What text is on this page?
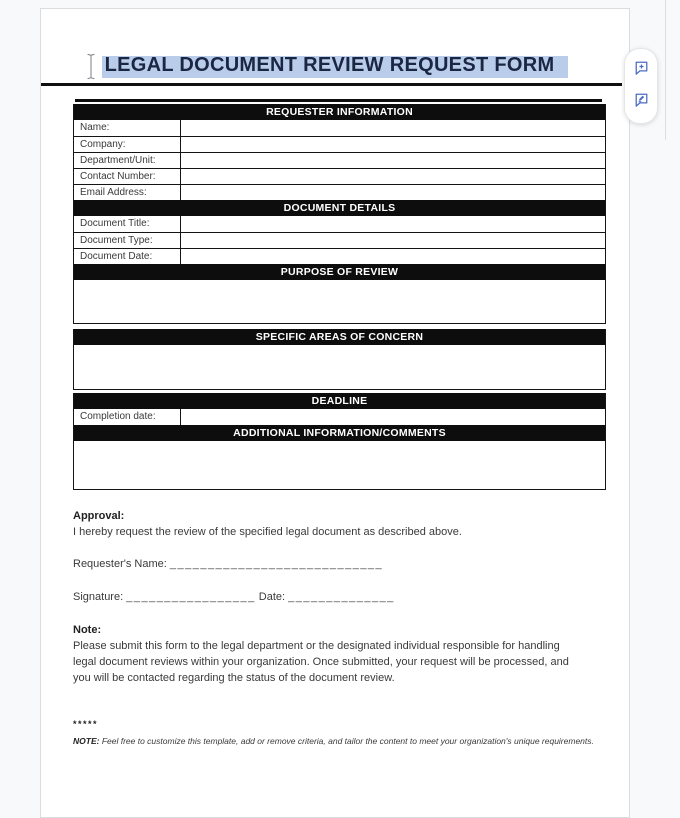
LEGAL DOCUMENT REVIEW REQUEST FORM
REQUESTER INFORMATION
Name:
Company:
Department/Unit:
Contact Number:
Email Address:
DOCUMENT DETAILS
Document Title:
Document Type:
Document Date:
PURPOSE OF REVIEW
SPECIFIC AREAS OF CONCERN
DEADLINE
Completion date:
ADDITIONAL INFORMATION/COMMENTS
Approval:
I hereby request the review of the specified legal document as described above.
Requester's Name: ____________________________
Signature: _________________ Date: ______________
Note:
Please submit this form to the legal department or the designated individual responsible for handling legal document reviews within your organization. Once submitted, your request will be processed, and you will be contacted regarding the status of the document review.
*****
NOTE: Feel free to customize this template, add or remove criteria, and tailor the content to meet your organization's unique requirements.
